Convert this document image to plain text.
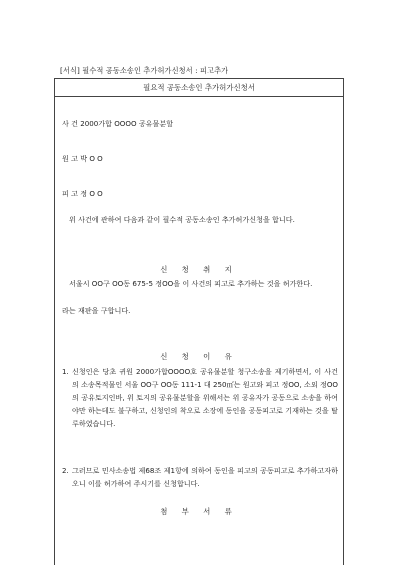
[서식] 필수적 공동소송인 추가허가신청서 : 피고추가
필요적 공동소송인 추가허가신청서
사 건 2000가합 OOOO 공유물분할
원 고 박 O O
피 고 정 O O
위 사건에 관하여 다음과 같이 필수적 공동소송인 추가허가신청을 합니다.
신 청 취 지
서울시 OO구 OO동 675-5 정OO을 이 사건의 피고로 추가하는 것을 허가한다.
라는 재판을 구합니다.
신 청 이 유
1. 신청인은 당초 귀원 2000가합OOOO호 공유물분할 청구소송을 제기하면서, 이 사건의 소송목적물인 서울 OO구 OO동 111-1 대 250㎡는 원고와 피고 정OO, 소외 정OO의 공유토지인바, 위 토지의 공유물분할을 위해서는 위 공유자가 공동으로 소송을 하여야만 하는데도 불구하고, 신청인의 착오로 소장에 동인을 공동피고로 기재하는 것을 탈루하였습니다.
2. 그러므로 민사소송법 제68조 제1항에 의하여 동인을 피고의 공동피고로 추가하고자하오니 이를 허가하여 주시기를 신청합니다.
첨 부 서 류
